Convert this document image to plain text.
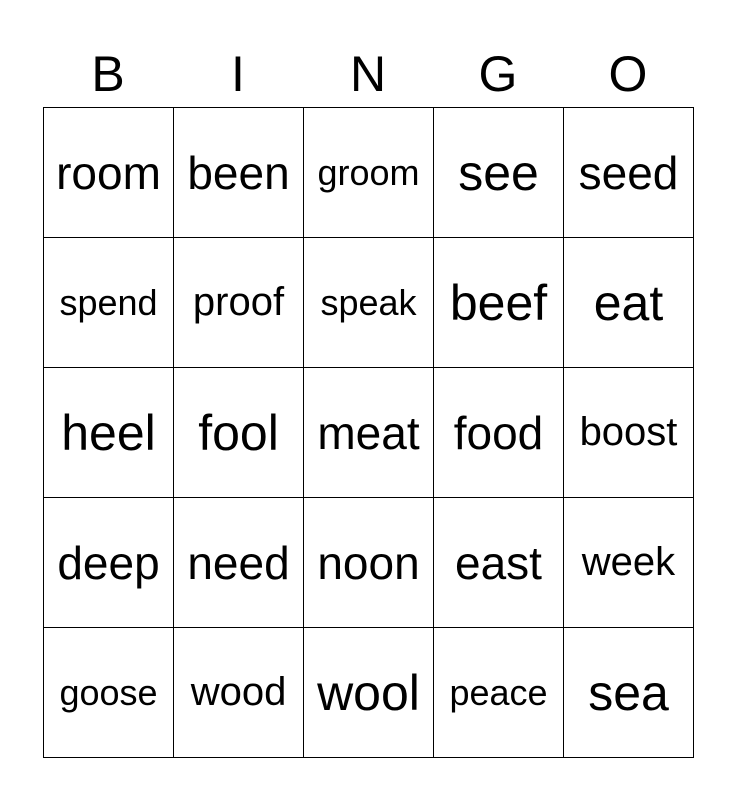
B	I	N	G	O
room been groom see seed
spend proof	speak beef eat
heel fool meat food boost
deep need noon east week
goose wood wool peace sea
